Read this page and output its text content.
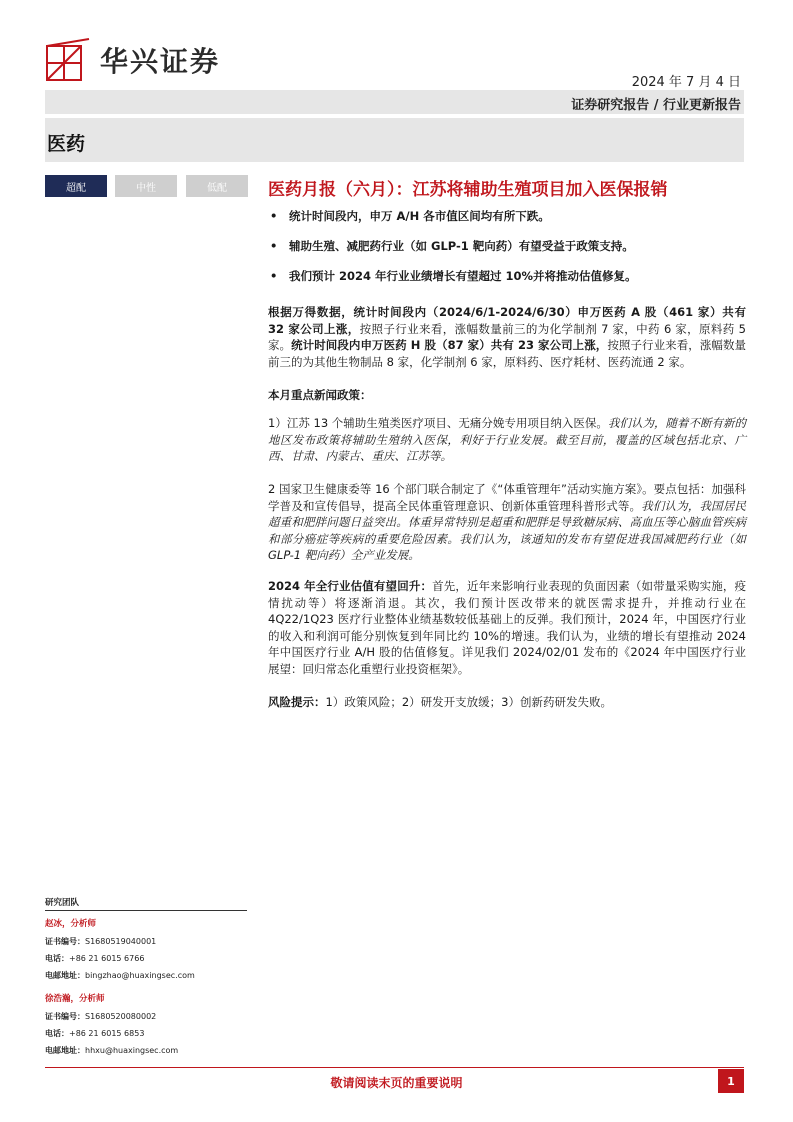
华兴证券
2024 年 7 月 4 日
证券研究报告 / 行业更新报告
医药
超配	中性	低配	医药月报（六月）：江苏将辅助生殖项目加入医保报销
• 统计时间段内，申万 A/H 各市值区间均有所下跌。
• 辅助生殖、减肥药行业（如 GLP-1 靶向药）有望受益于政策支持。
• 我们预计 2024 年行业业绩增长有望超过 10%并将推动估值修复。

根据万得数据，统计时间段内（2024/6/1-2024/6/30）申万医药 A 股（461 家）共有 32 家公司上涨，按照子行业来看，涨幅数量前三的为化学制剂 7 家，中药 6 家，原料药 5 家。统计时间段内申万医药 H 股（87 家）共有 23 家公司上涨，按照子行业来看，涨幅数量前三的为其他生物制品 8 家，化学制剂 6 家，原料药、医疗耗材、医药流通 2 家。

本月重点新闻政策：

1）江苏 13 个辅助生殖类医疗项目、无痛分娩专用项目纳入医保。我们认为，随着不断有新的地区发布政策将辅助生殖纳入医保，利好于行业发展。截至目前，覆盖的区域包括北京、广西、甘肃、内蒙古、重庆、江苏等。

2 国家卫生健康委等 16 个部门联合制定了《“体重管理年”活动实施方案》。要点包括：加强科学普及和宣传倡导，提高全民体重管理意识、创新体重管理科普形式等。我们认为，我国居民超重和肥胖问题日益突出。体重异常特别是超重和肥胖是导致糖尿病、高血压等心脑血管疾病和部分癌症等疾病的重要危险因素。我们认为，该通知的发布有望促进我国减肥药行业（如 GLP-1 靶向药）全产业发展。

2024 年全行业估值有望回升：首先，近年来影响行业表现的负面因素（如带量采购实施，疫情扰动等）将逐渐消退。其次，我们预计医改带来的就医需求提升，并推动行业在 4Q22/1Q23 医疗行业整体业绩基数较低基础上的反弹。我们预计，2024 年，中国医疗行业的收入和利润可能分别恢复到年同比约 10%的增速。我们认为，业绩的增长有望推动 2024 年中国医疗行业 A/H 股的估值修复。详见我们 2024/02/01 发布的《2024 年中国医疗行业展望：回归常态化重塑行业投资框架》。

风险提示：1）政策风险；2）研发开支放缓；3）创新药研发失败。

研究团队
赵冰，分析师
证书编号：S1680519040001
电话：+86 21 6015 6766
电邮地址：bingzhao@huaxingsec.com
徐浩瀚，分析师
证书编号：S1680520080002
电话：+86 21 6015 6853
电邮地址：hhxu@huaxingsec.com
敬请阅读末页的重要说明	1
